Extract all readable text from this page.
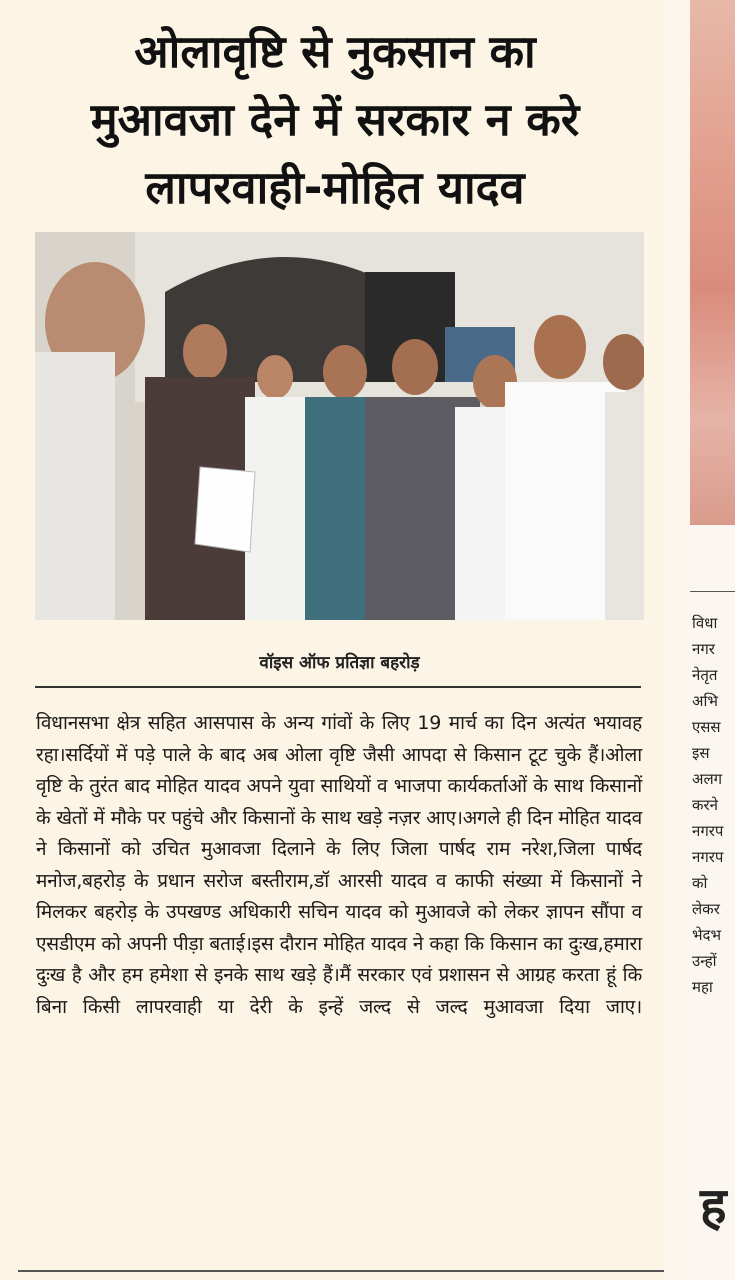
ओलावृष्टि से नुकसान का
मुआवजा देने में सरकार न करे
लापरवाही-मोहित यादव
वॉइस ऑफ प्रतिज्ञा बहरोड़
विधानसभा क्षेत्र सहित आसपास के अन्य गांवों के लिए 19 मार्च का दिन अत्यंत भयावह रहा।सर्दियों में पड़े पाले के बाद अब ओला वृष्टि जैसी आपदा से किसान टूट चुके हैं।ओला वृष्टि के तुरंत बाद मोहित यादव अपने युवा साथियों व भाजपा कार्यकर्ताओं के साथ किसानों के खेतों में मौके पर पहुंचे और किसानों के साथ खड़े नज़र आए।अगले ही दिन मोहित यादव ने किसानों को उचित मुआवजा दिलाने के लिए जिला पार्षद राम नरेश,जिला पार्षद मनोज,बहरोड़ के प्रधान सरोज बस्तीराम,डॉ आरसी यादव व काफी संख्या में किसानों ने मिलकर बहरोड़ के उपखण्ड अधिकारी सचिन यादव को मुआवजे को लेकर ज्ञापन सौंपा व एसडीएम को अपनी पीड़ा बताई।इस दौरान मोहित यादव ने कहा कि किसान का दुःख,हमारा दुःख है और हम हमेशा से इनके साथ खड़े हैं।मैं सरकार एवं प्रशासन से आग्रह करता हूं कि बिना किसी लापरवाही या देरी के इन्हें जल्द से जल्द मुआवजा दिया जाए।
विधा
नगर
नेतृत
अभि
एसस
इस
अलग
करने
नगरप
नगरप
को
लेकर
भेदभ
उन्हों
महा
ह
